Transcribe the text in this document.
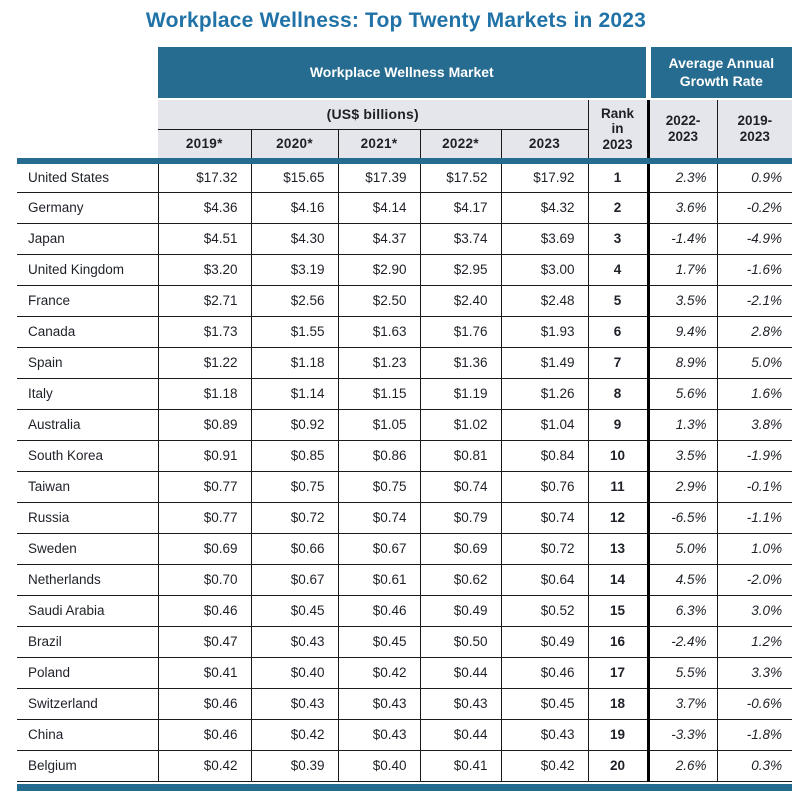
Workplace Wellness: Top Twenty Markets in 2023
	Workplace Wellness Market						Average Annual Growth Rate	
	(US$ billions)					Rank in 2023	2022-2023	2019-2023
	2019*	2020*	2021*	2022*	2023			
United States	$17.32	$15.65	$17.39	$17.52	$17.92	1	2.3%	0.9%
Germany	$4.36	$4.16	$4.14	$4.17	$4.32	2	3.6%	-0.2%
Japan	$4.51	$4.30	$4.37	$3.74	$3.69	3	-1.4%	-4.9%
United Kingdom	$3.20	$3.19	$2.90	$2.95	$3.00	4	1.7%	-1.6%
France	$2.71	$2.56	$2.50	$2.40	$2.48	5	3.5%	-2.1%
Canada	$1.73	$1.55	$1.63	$1.76	$1.93	6	9.4%	2.8%
Spain	$1.22	$1.18	$1.23	$1.36	$1.49	7	8.9%	5.0%
Italy	$1.18	$1.14	$1.15	$1.19	$1.26	8	5.6%	1.6%
Australia	$0.89	$0.92	$1.05	$1.02	$1.04	9	1.3%	3.8%
South Korea	$0.91	$0.85	$0.86	$0.81	$0.84	10	3.5%	-1.9%
Taiwan	$0.77	$0.75	$0.75	$0.74	$0.76	11	2.9%	-0.1%
Russia	$0.77	$0.72	$0.74	$0.79	$0.74	12	-6.5%	-1.1%
Sweden	$0.69	$0.66	$0.67	$0.69	$0.72	13	5.0%	1.0%
Netherlands	$0.70	$0.67	$0.61	$0.62	$0.64	14	4.5%	-2.0%
Saudi Arabia	$0.46	$0.45	$0.46	$0.49	$0.52	15	6.3%	3.0%
Brazil	$0.47	$0.43	$0.45	$0.50	$0.49	16	-2.4%	1.2%
Poland	$0.41	$0.40	$0.42	$0.44	$0.46	17	5.5%	3.3%
Switzerland	$0.46	$0.43	$0.43	$0.43	$0.45	18	3.7%	-0.6%
China	$0.46	$0.42	$0.43	$0.44	$0.43	19	-3.3%	-1.8%
Belgium	$0.42	$0.39	$0.40	$0.41	$0.42	20	2.6%	0.3%
